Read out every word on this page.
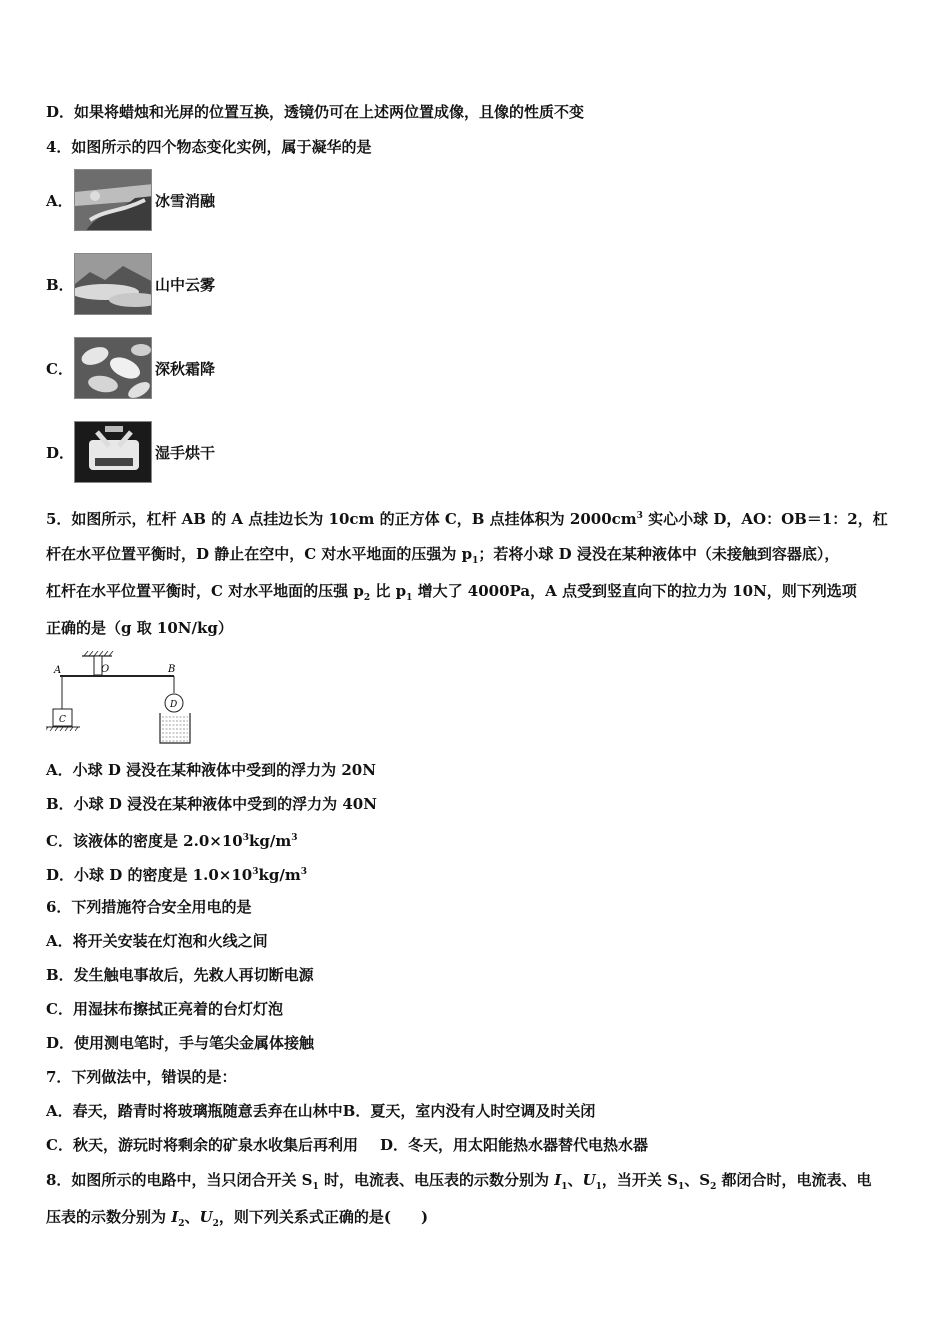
D．如果将蜡烛和光屏的位置互换，透镜仍可在上述两位置成像，且像的性质不变
4．如图所示的四个物态变化实例，属于凝华的是
A．	冰雪消融
B．	山中云雾
C．	深秋霜降
D．	湿手烘干
5．如图所示，杠杆 AB 的 A 点挂边长为 10cm 的正方体 C，B 点挂体积为 $2000cm^3$ 实心小球 D，AO：OB＝1：2，杠
杆在水平位置平衡时，D 静止在空中，C 对水平地面的压强为 $p_1$；若将小球 D 浸没在某种液体中（未接触到容器底），
杠杆在水平位置平衡时，C 对水平地面的压强 $p_2$ 比 $p_1$ 增大了 4000Pa，A 点受到竖直向下的拉力为 10N，则下列选项
正确的是（g 取 10N/kg）
A	O	B
C
D
A．小球 D 浸没在某种液体中受到的浮力为 20N
B．小球 D 浸没在某种液体中受到的浮力为 40N
C．该液体的密度是 $2.0\times 10^3kg/m^3$
D．小球 D 的密度是 $1.0\times 10^3kg/m^3$
6．下列措施符合安全用电的是
A．将开关安装在灯泡和火线之间
B．发生触电事故后，先救人再切断电源
C．用湿抹布擦拭正亮着的台灯灯泡
D．使用测电笔时，手与笔尖金属体接触
7．下列做法中，错误的是：
A．春天，踏青时将玻璃瓶随意丢弃在山林中B．夏天，室内没有人时空调及时关闭
C．秋天，游玩时将剩余的矿泉水收集后再利用 D．冬天，用太阳能热水器替代电热水器
8．如图所示的电路中，当只闭合开关 $S_1$ 时，电流表、电压表的示数分别为 $I_1$、$U_1$，当开关 $S_1$、$S_2$ 都闭合时，电流表、电
压表的示数分别为 $I_2$、$U_2$，则下列关系式正确的是(　　)
